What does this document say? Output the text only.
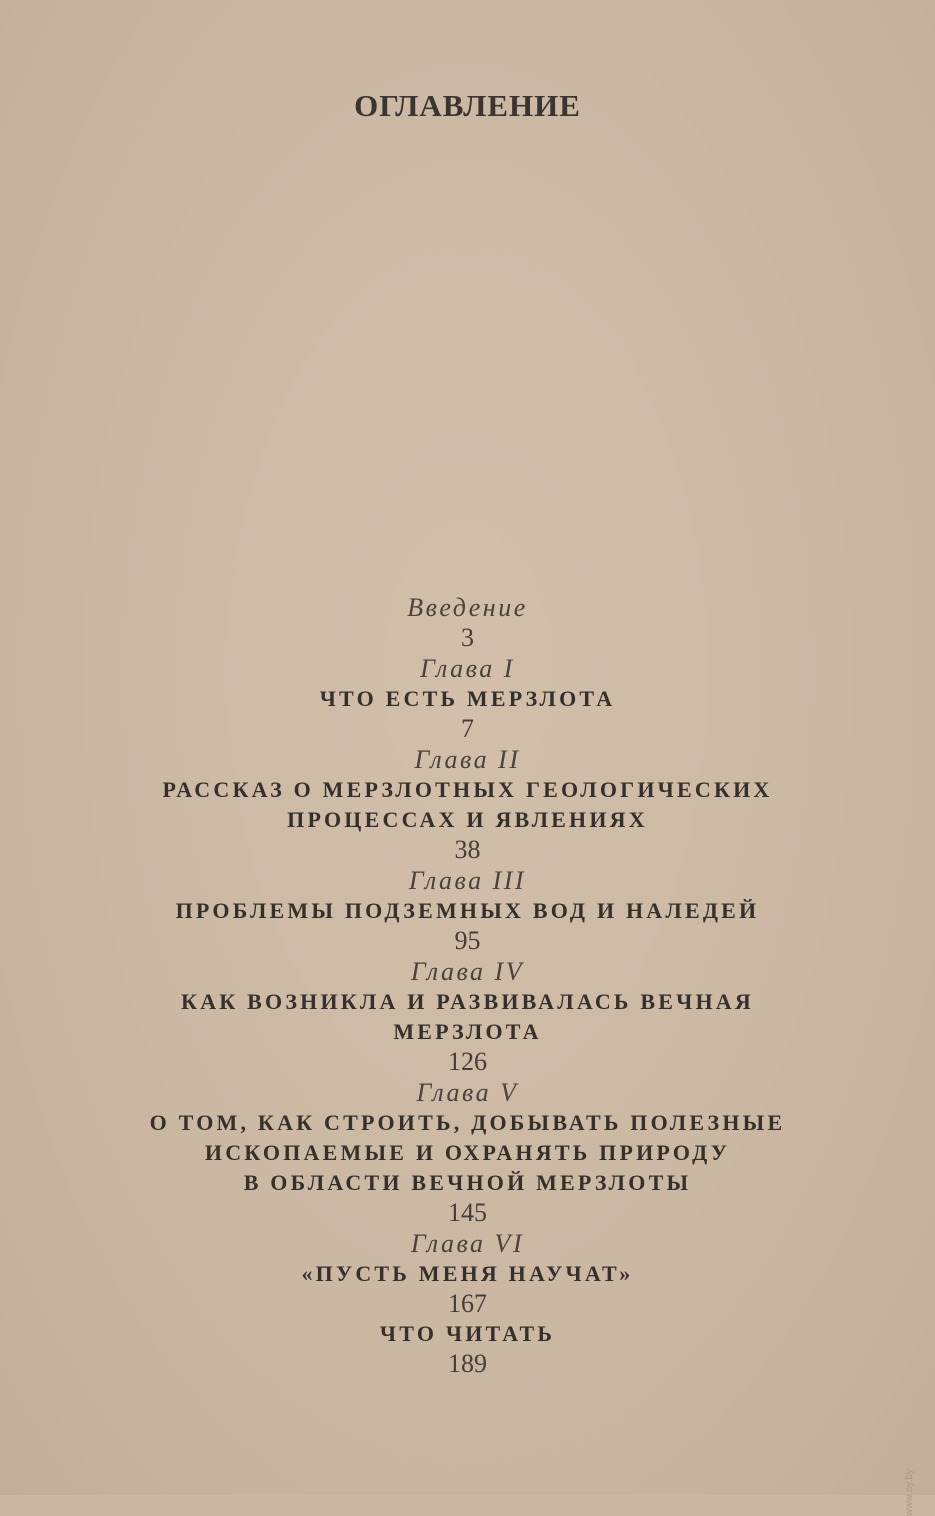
ОГЛАВЛЕНИЕ
Введение
3
Глава I
ЧТО ЕСТЬ МЕРЗЛОТА
7
Глава II
РАССКАЗ О МЕРЗЛОТНЫХ ГЕОЛОГИЧЕСКИХ
ПРОЦЕССАХ И ЯВЛЕНИЯХ
38
Глава III
ПРОБЛЕМЫ ПОДЗЕМНЫХ ВОД И НАЛЕДЕЙ
95
Глава IV
КАК ВОЗНИКЛА И РАЗВИВАЛАСЬ ВЕЧНАЯ
МЕРЗЛОТА
126
Глава V
О ТОМ, КАК СТРОИТЬ, ДОБЫВАТЬ ПОЛЕЗНЫЕ
ИСКОПАЕМЫЕ И ОХРАНЯТЬ ПРИРОДУ
В ОБЛАСТИ ВЕЧНОЙ МЕРЗЛОТЫ
145
Глава VI
«ПУСТЬ МЕНЯ НАУЧАТ»
167
ЧТО ЧИТАТЬ
189
www.ay.by
